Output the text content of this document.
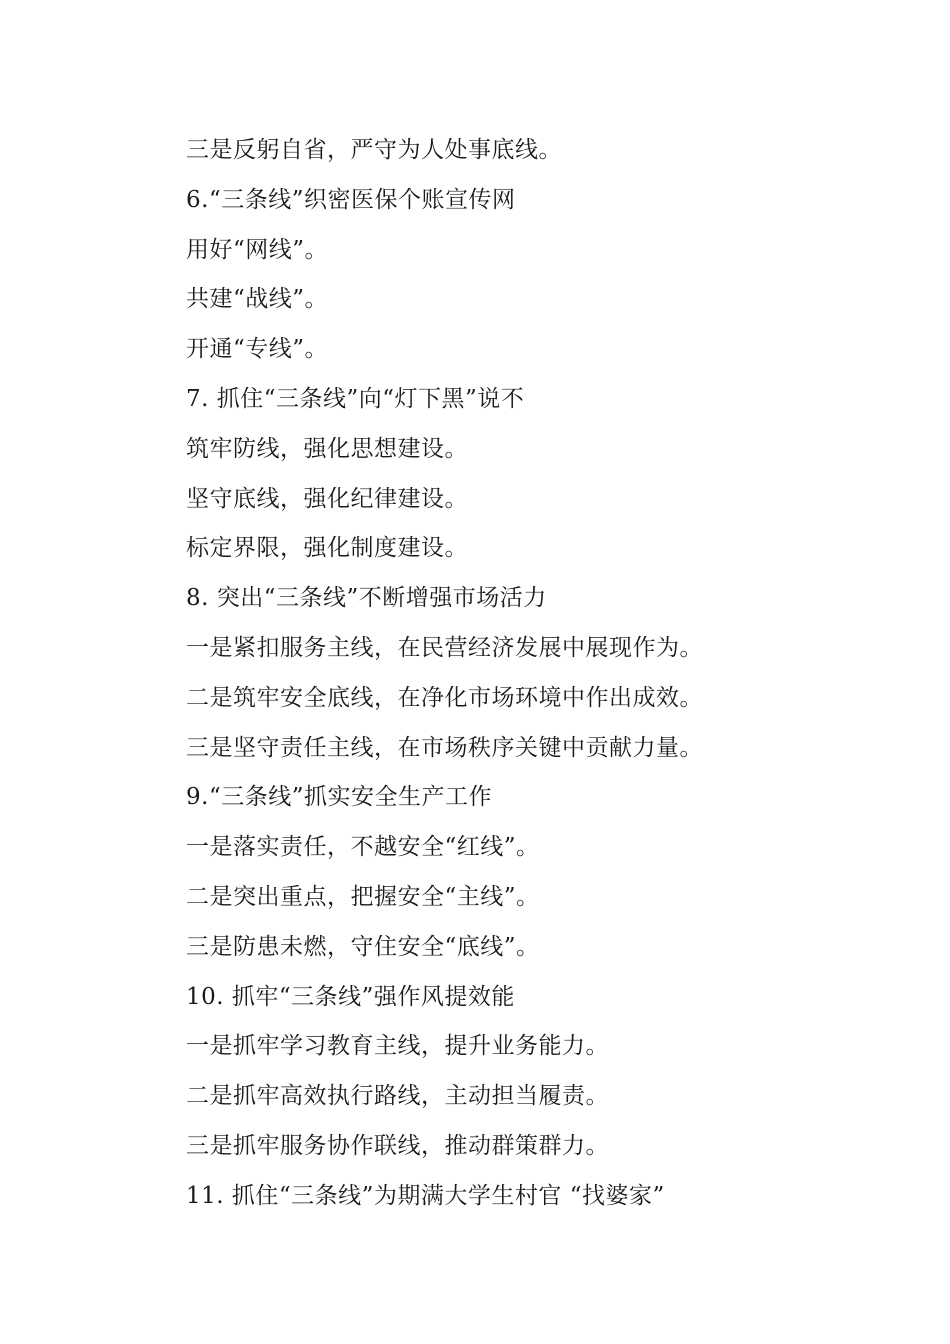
三是反躬自省，严守为人处事底线。
6.“三条线”织密医保个账宣传网
用好“网线”。
共建“战线”。
开通“专线”。
7. 抓住“三条线”向“灯下黑”说不
筑牢防线，强化思想建设。
坚守底线，强化纪律建设。
标定界限，强化制度建设。
8. 突出“三条线”不断增强市场活力
一是紧扣服务主线，在民营经济发展中展现作为。
二是筑牢安全底线，在净化市场环境中作出成效。
三是坚守责任主线，在市场秩序关键中贡献力量。
9.“三条线”抓实安全生产工作
一是落实责任，不越安全“红线”。
二是突出重点，把握安全“主线”。
三是防患未燃，守住安全“底线”。
10. 抓牢“三条线”强作风提效能
一是抓牢学习教育主线，提升业务能力。
二是抓牢高效执行路线，主动担当履责。
三是抓牢服务协作联线，推动群策群力。
11. 抓住“三条线”为期满大学生村官 “找婆家”
